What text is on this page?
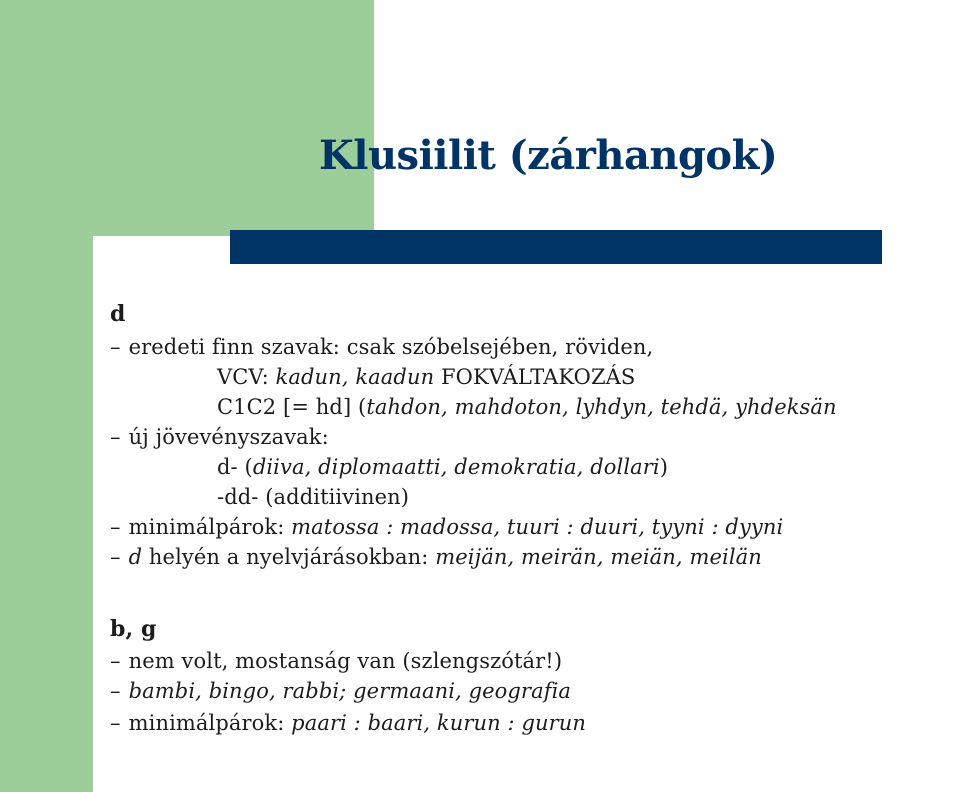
Klusiilit (zárhangok)
d
– eredeti finn szavak: csak szóbelsejében, röviden,
VCV: kadun, kaadun FOKVÁLTAKOZÁS
C1C2 [= hd] (tahdon, mahdoton, lyhdyn, tehdä, yhdeksän
– új jövevényszavak:
d- (diiva, diplomaatti, demokratia, dollari)
-dd- (additiivinen)
– minimálpárok: matossa : madossa, tuuri : duuri, tyyni : dyyni
– d helyén a nyelvjárásokban: meijän, meirän, meiän, meilän
b, g
– nem volt, mostanság van (szlengszótár!)
– bambi, bingo, rabbi; germaani, geografia
– minimálpárok: paari : baari, kurun : gurun
